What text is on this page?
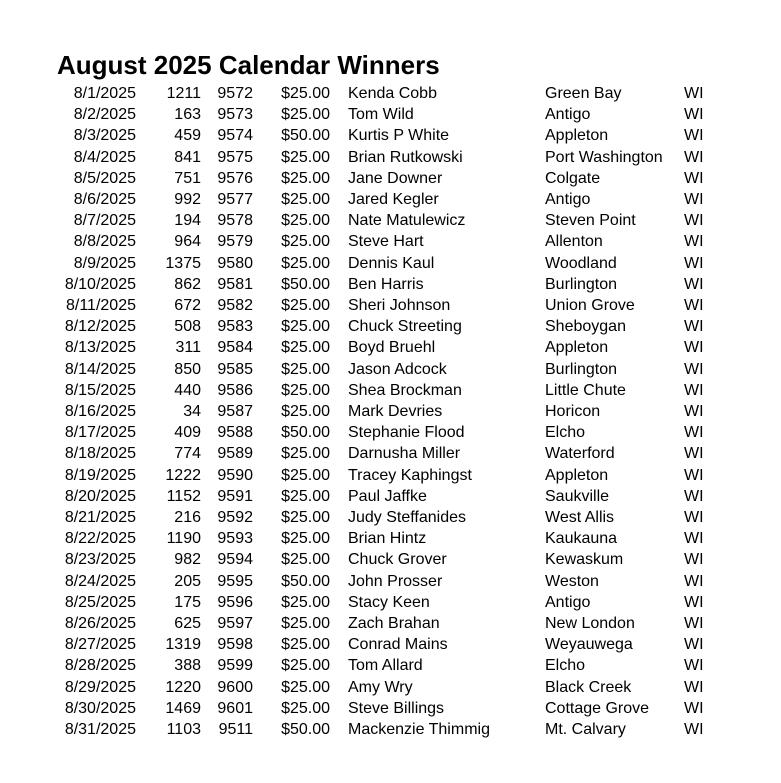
August 2025 Calendar Winners
8/1/2025	1211	9572	$25.00		Kenda Cobb	Green Bay	WI
8/2/2025	163	9573	$25.00		Tom Wild	Antigo	WI
8/3/2025	459	9574	$50.00		Kurtis P White	Appleton	WI
8/4/2025	841	9575	$25.00		Brian Rutkowski	Port Washington	WI
8/5/2025	751	9576	$25.00		Jane Downer	Colgate	WI
8/6/2025	992	9577	$25.00		Jared Kegler	Antigo	WI
8/7/2025	194	9578	$25.00		Nate Matulewicz	Steven Point	WI
8/8/2025	964	9579	$25.00		Steve Hart	Allenton	WI
8/9/2025	1375	9580	$25.00		Dennis Kaul	Woodland	WI
8/10/2025	862	9581	$50.00		Ben Harris	Burlington	WI
8/11/2025	672	9582	$25.00		Sheri Johnson	Union Grove	WI
8/12/2025	508	9583	$25.00		Chuck Streeting	Sheboygan	WI
8/13/2025	311	9584	$25.00		Boyd Bruehl	Appleton	WI
8/14/2025	850	9585	$25.00		Jason Adcock	Burlington	WI
8/15/2025	440	9586	$25.00		Shea Brockman	Little Chute	WI
8/16/2025	34	9587	$25.00		Mark Devries	Horicon	WI
8/17/2025	409	9588	$50.00		Stephanie Flood	Elcho	WI
8/18/2025	774	9589	$25.00		Darnusha Miller	Waterford	WI
8/19/2025	1222	9590	$25.00		Tracey Kaphingst	Appleton	WI
8/20/2025	1152	9591	$25.00		Paul Jaffke	Saukville	WI
8/21/2025	216	9592	$25.00		Judy Steffanides	West Allis	WI
8/22/2025	1190	9593	$25.00		Brian Hintz	Kaukauna	WI
8/23/2025	982	9594	$25.00		Chuck Grover	Kewaskum	WI
8/24/2025	205	9595	$50.00		John Prosser	Weston	WI
8/25/2025	175	9596	$25.00		Stacy Keen	Antigo	WI
8/26/2025	625	9597	$25.00		Zach Brahan	New London	WI
8/27/2025	1319	9598	$25.00		Conrad Mains	Weyauwega	WI
8/28/2025	388	9599	$25.00		Tom Allard	Elcho	WI
8/29/2025	1220	9600	$25.00		Amy Wry	Black Creek	WI
8/30/2025	1469	9601	$25.00		Steve Billings	Cottage Grove	WI
8/31/2025	1103	9511	$50.00		Mackenzie Thimmig	Mt. Calvary	WI
